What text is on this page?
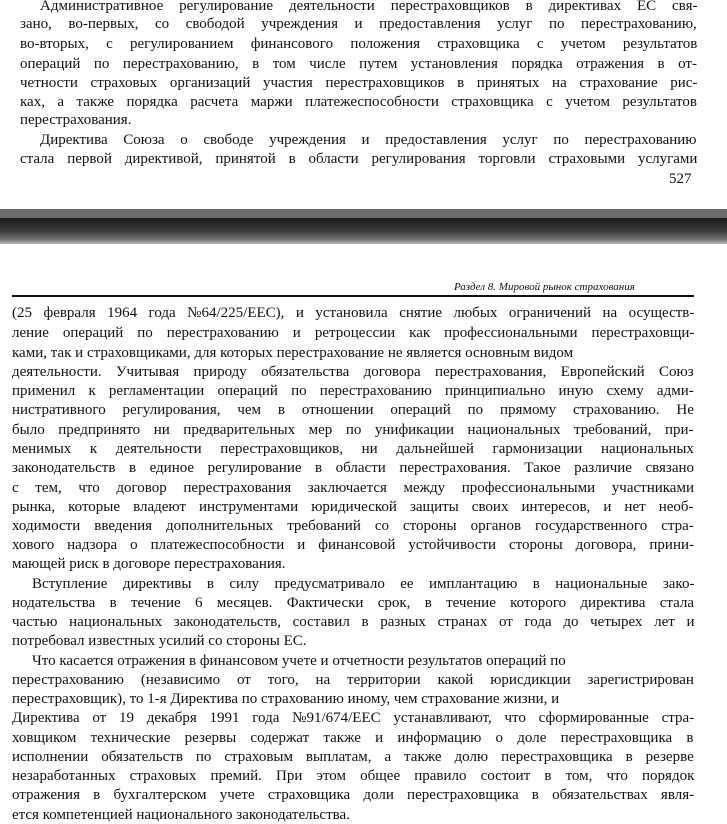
Раздел 8. Мировой рынок страхования
Административное регулирование деятельности перестраховщиков в директивах ЕС свя-
зано, во-первых, со свободой учреждения и предоставления услуг по перестрахованию,
во-вторых, с регулированием финансового положения страховщика с учетом результатов
операций по перестрахованию, в том числе путем установления порядка отражения в от-
четности страховых организаций участия перестраховщиков в принятых на страхование рис-
ках, а также порядка расчета маржи платежеспособности страховщика с учетом результатов
перестрахования.
Директива Союза о свободе учреждения и предоставления услуг по перестрахованию
стала первой директивой, принятой в области регулирования торговли страховыми услугами
(25 февраля 1964 года №64/225/EEC), и установила снятие любых ограничений на осуществ-
ление операций по перестрахованию и ретроцессии как профессиональными перестраховщи-
ками, так и страховщиками, для которых перестрахование не является основным видом
деятельности. Учитывая природу обязательства договора перестрахования, Европейский Союз
применил к регламентации операций по перестрахованию принципиально иную схему адми-
нистративного регулирования, чем в отношении операций по прямому страхованию. Не
было предпринято ни предварительных мер по унификации национальных требований, при-
менимых к деятельности перестраховщиков, ни дальнейшей гармонизации национальных
законодательств в единое регулирование в области перестрахования. Такое различие связано
с тем, что договор перестрахования заключается между профессиональными участниками
рынка, которые владеют инструментами юридической защиты своих интересов, и нет необ-
ходимости введения дополнительных требований со стороны органов государственного стра-
хового надзора о платежеспособности и финансовой устойчивости стороны договора, прини-
мающей риск в договоре перестрахования.
Вступление директивы в силу предусматривало ее имплантацию в национальные зако-
нодательства в течение 6 месяцев. Фактически срок, в течение которого директива стала
частью национальных законодательств, составил в разных странах от года до четырех лет и
потребовал известных усилий со стороны ЕС.
Что касается отражения в финансовом учете и отчетности результатов операций по
перестрахованию (независимо от того, на территории какой юрисдикции зарегистрирован
перестраховщик), то 1-я Директива по страхованию иному, чем страхование жизни, и
Директива от 19 декабря 1991 года №91/674/EEC устанавливают, что сформированные стра-
ховщиком технические резервы содержат также и информацию о доле перестраховщика в
исполнении обязательств по страховым выплатам, а также долю перестраховщика в резерве
незаработанных страховых премий. При этом общее правило состоит в том, что порядок
отражения в бухгалтерском учете страховщика доли перестраховщика в обязательствах явля-
ется компетенцией национального законодательства.
527
